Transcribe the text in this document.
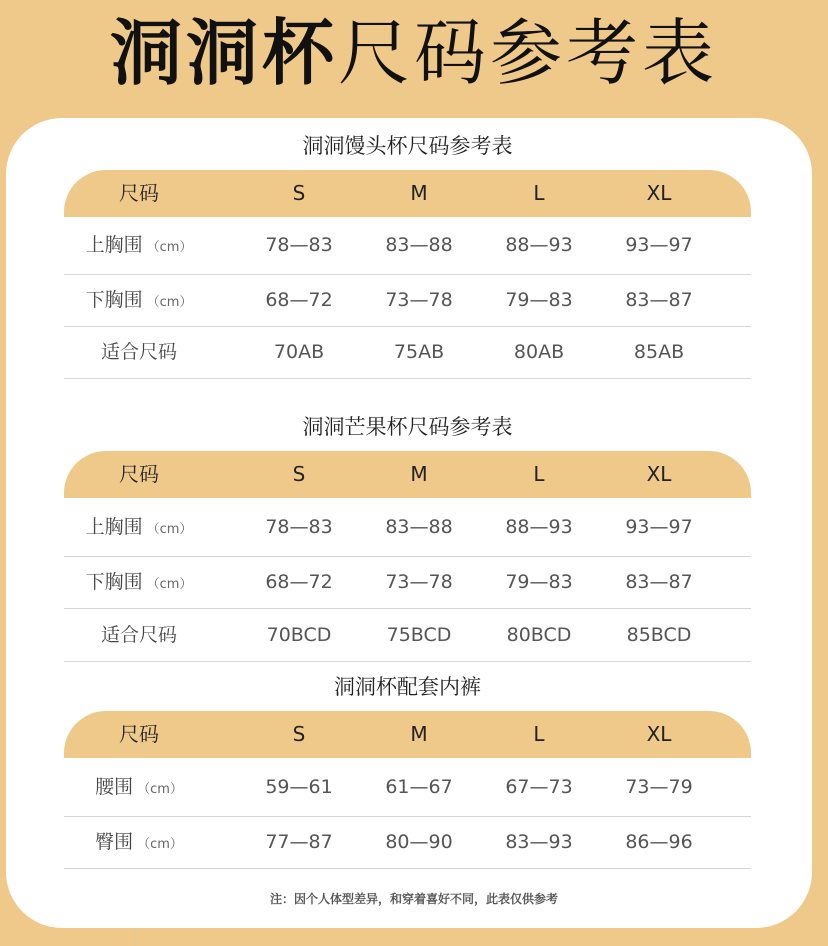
洞洞杯尺码参考表
洞洞馒头杯尺码参考表
尺码	S	M	L	XL
上胸围 （cm）	78—83	83—88	88—93	93—97
下胸围 （cm）	68—72	73—78	79—83	83—87
适合尺码	70AB	75AB	80AB	85AB
洞洞芒果杯尺码参考表
尺码	S	M	L	XL
上胸围 （cm）	78—83	83—88	88—93	93—97
下胸围 （cm）	68—72	73—78	79—83	83—87
适合尺码	70BCD	75BCD	80BCD	85BCD
洞洞杯配套内裤
尺码	S	M	L	XL
腰围 （cm）	59—61	61—67	67—73	73—79
臀围 （cm）	77—87	80—90	83—93	86—96
注：因个人体型差异，和穿着喜好不同，此表仅供参考
